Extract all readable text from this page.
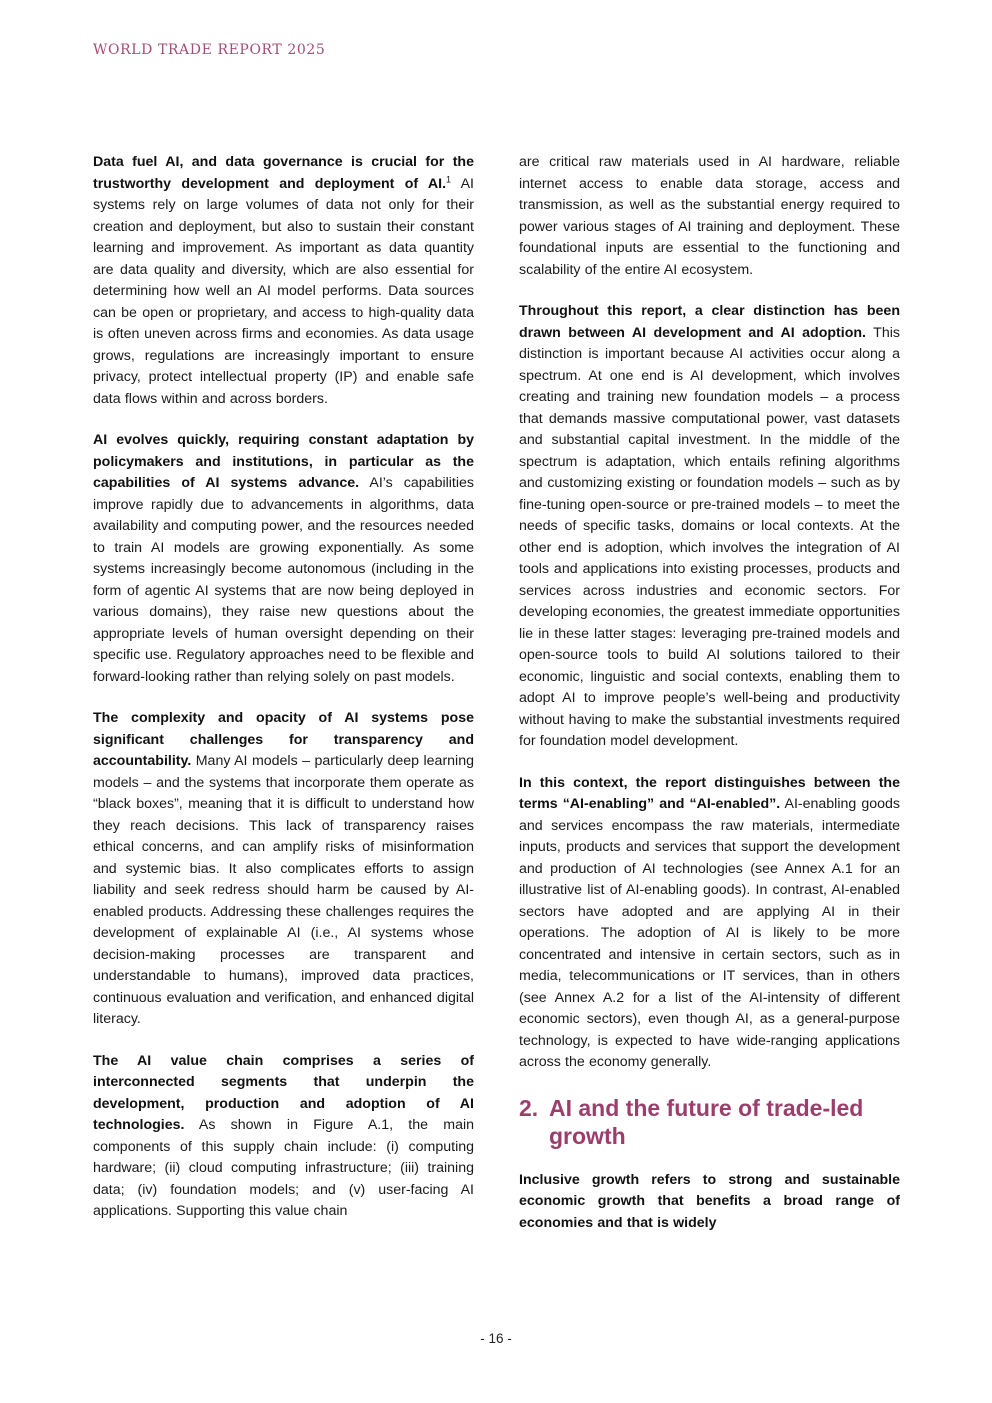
WORLD TRADE REPORT 2025

Data fuel AI, and data governance is crucial for the trustworthy development and deployment of AI.$^1$ AI systems rely on large volumes of data not only for their creation and deployment, but also to sustain their constant learning and improvement. As important as data quantity are data quality and diversity, which are also essential for determining how well an AI model performs. Data sources can be open or proprietary, and access to high-quality data is often uneven across firms and economies. As data usage grows, regulations are increasingly important to ensure privacy, protect intellectual property (IP) and enable safe data flows within and across borders.

AI evolves quickly, requiring constant adaptation by policymakers and institutions, in particular as the capabilities of AI systems advance. AI’s capabilities improve rapidly due to advancements in algorithms, data availability and computing power, and the resources needed to train AI models are growing exponentially. As some systems increasingly become autonomous (including in the form of agentic AI systems that are now being deployed in various domains), they raise new questions about the appropriate levels of human oversight depending on their specific use. Regulatory approaches need to be flexible and forward-looking rather than relying solely on past models.

The complexity and opacity of AI systems pose significant challenges for transparency and accountability. Many AI models – particularly deep learning models – and the systems that incorporate them operate as “black boxes”, meaning that it is difficult to understand how they reach decisions. This lack of transparency raises ethical concerns, and can amplify risks of misinformation and systemic bias. It also complicates efforts to assign liability and seek redress should harm be caused by AI-enabled products. Addressing these challenges requires the development of explainable AI (i.e., AI systems whose decision-making processes are transparent and understandable to humans), improved data practices, continuous evaluation and verification, and enhanced digital literacy.

The AI value chain comprises a series of interconnected segments that underpin the development, production and adoption of AI technologies. As shown in Figure A.1, the main components of this supply chain include: (i) computing hardware; (ii) cloud computing infrastructure; (iii) training data; (iv) foundation models; and (v) user-facing AI applications. Supporting this value chain

are critical raw materials used in AI hardware, reliable internet access to enable data storage, access and transmission, as well as the substantial energy required to power various stages of AI training and deployment. These foundational inputs are essential to the functioning and scalability of the entire AI ecosystem.

Throughout this report, a clear distinction has been drawn between AI development and AI adoption. This distinction is important because AI activities occur along a spectrum. At one end is AI development, which involves creating and training new foundation models – a process that demands massive computational power, vast datasets and substantial capital investment. In the middle of the spectrum is adaptation, which entails refining algorithms and customizing existing or foundation models – such as by fine-tuning open-source or pre-trained models – to meet the needs of specific tasks, domains or local contexts. At the other end is adoption, which involves the integration of AI tools and applications into existing processes, products and services across industries and economic sectors. For developing economies, the greatest immediate opportunities lie in these latter stages: leveraging pre-trained models and open-source tools to build AI solutions tailored to their economic, linguistic and social contexts, enabling them to adopt AI to improve people’s well-being and productivity without having to make the substantial investments required for foundation model development.

In this context, the report distinguishes between the terms “AI-enabling” and “AI-enabled”. AI-enabling goods and services encompass the raw materials, intermediate inputs, products and services that support the development and production of AI technologies (see Annex A.1 for an illustrative list of AI-enabling goods). In contrast, AI-enabled sectors have adopted and are applying AI in their operations. The adoption of AI is likely to be more concentrated and intensive in certain sectors, such as in media, telecommunications or IT services, than in others (see Annex A.2 for a list of the AI-intensity of different economic sectors), even though AI, as a general-purpose technology, is expected to have wide-ranging applications across the economy generally.

2. AI and the future of trade-led growth

Inclusive growth refers to strong and sustainable economic growth that benefits a broad range of economies and that is widely

- 16 -
